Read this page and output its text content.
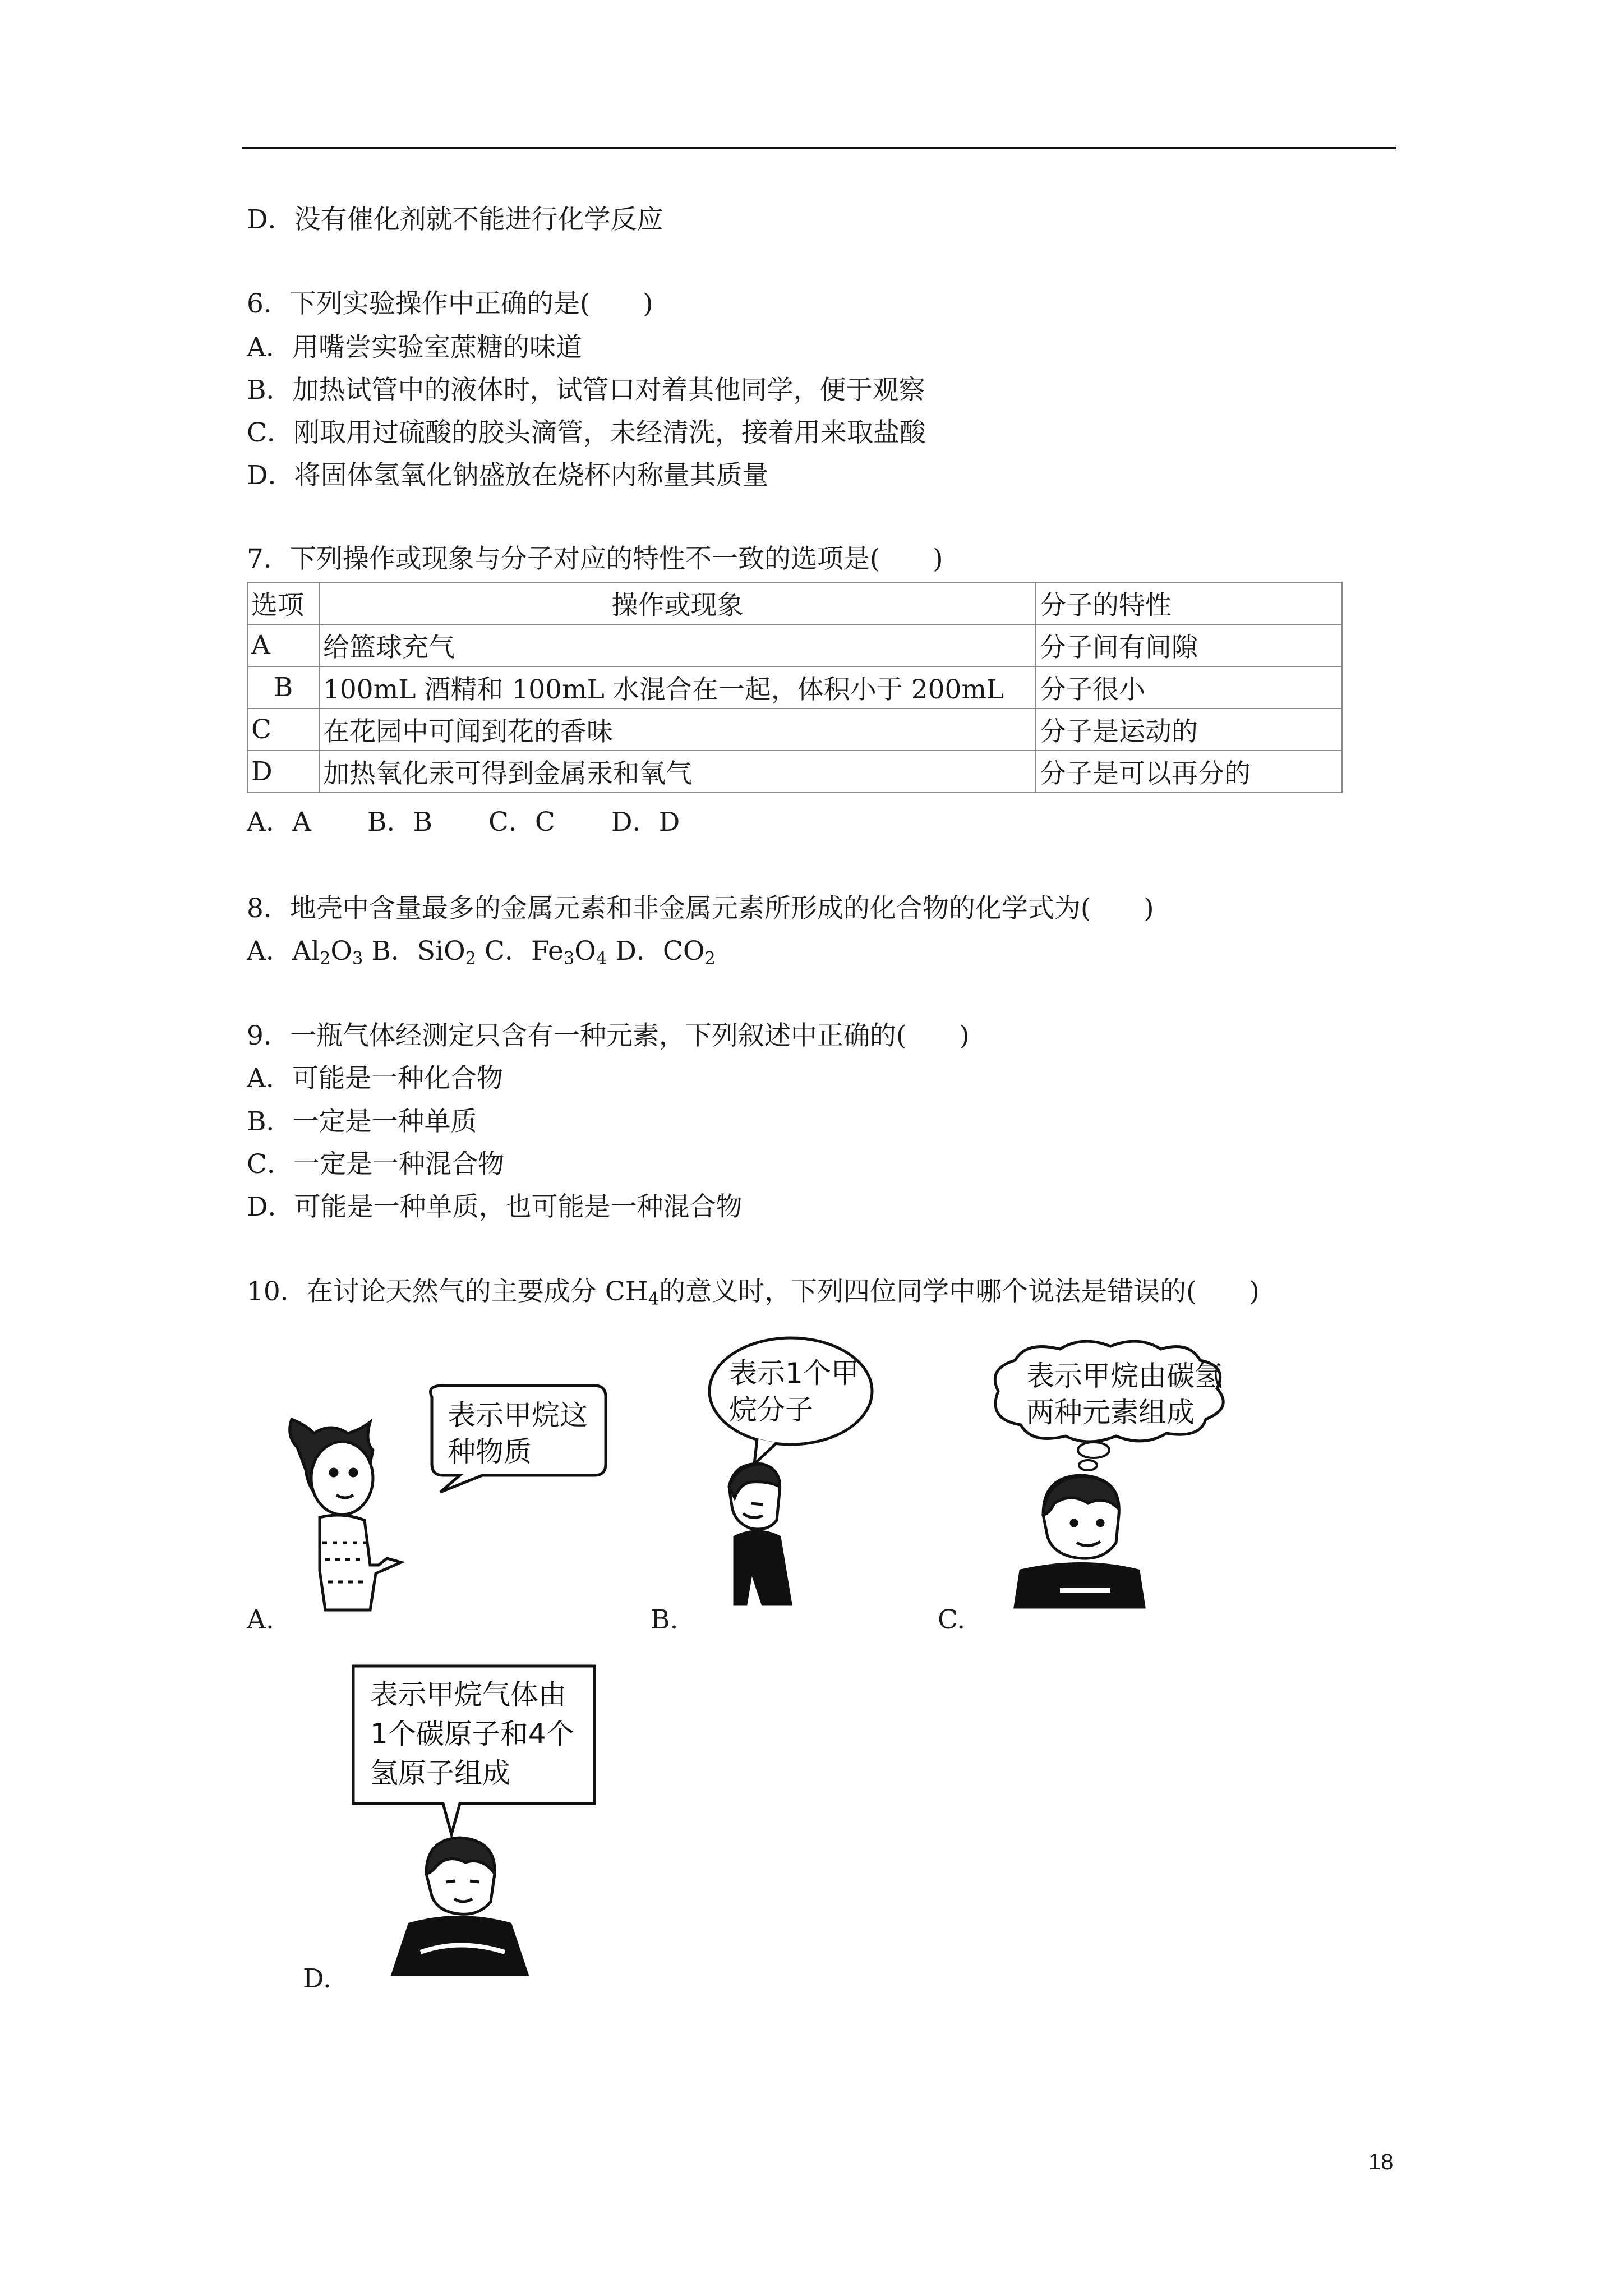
D．没有催化剂就不能进行化学反应
6．下列实验操作中正确的是(　　)
A．用嘴尝实验室蔗糖的味道
B．加热试管中的液体时，试管口对着其他同学，便于观察
C．刚取用过硫酸的胶头滴管，未经清洗，接着用来取盐酸
D．将固体氢氧化钠盛放在烧杯内称量其质量
7．下列操作或现象与分子对应的特性不一致的选项是(　　)
选项	操作或现象	分子的特性
A	给篮球充气	分子间有间隙
B	100mL 酒精和 100mL 水混合在一起，体积小于 200mL	分子很小
C	在花园中可闻到花的香味	分子是运动的
D	加热氧化汞可得到金属汞和氧气	分子是可以再分的
A．A B．B C．C D．D
8．地壳中含量最多的金属元素和非金属元素所形成的化合物的化学式为(　　)
A．$Al_2O_3$ B．SiO$_2$ C．$Fe_3O_4$ D．$CO_2$
9．一瓶气体经测定只含有一种元素，下列叙述中正确的(　　)
A．可能是一种化合物
B．一定是一种单质
C．一定是一种混合物
D．可能是一种单质，也可能是一种混合物
10．在讨论天然气的主要成分 $CH_4$的意义时，下列四位同学中哪个说法是错误的(　　)
表示甲烷这
种物质
A.
表示1个甲
烷分子
B.
表示甲烷由碳氢
两种元素组成
C.
表示甲烷气体由
1个碳原子和4个
氢原子组成
D.
18
